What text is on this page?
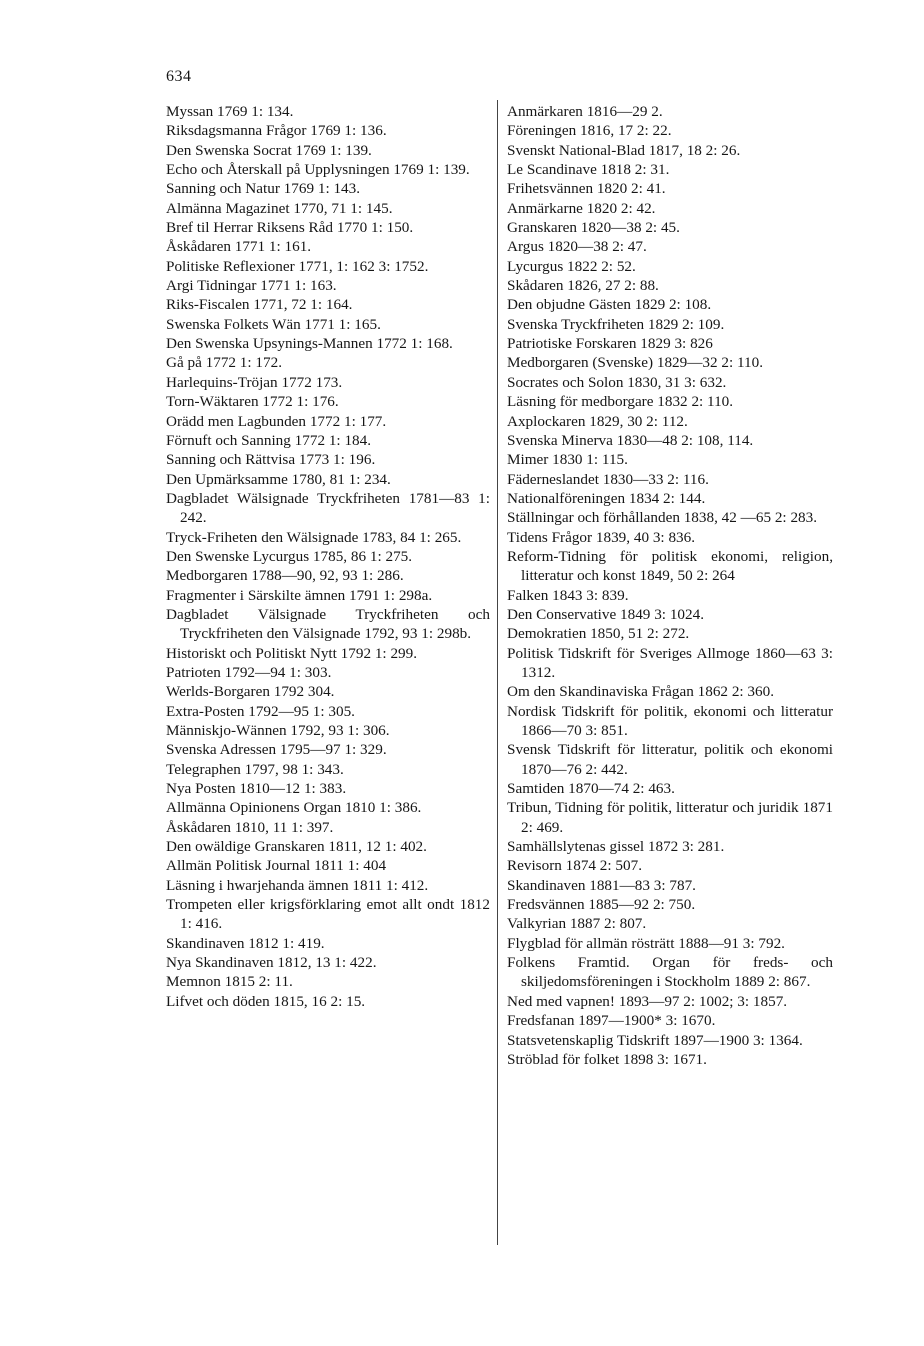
634

Myssan 1769 1: 134.

Riksdagsmanna Frågor 1769 1: 136.

Den Swenska Socrat 1769 1: 139.

Echo och Återskall på Upplysningen 1769 1: 139.

Sanning och Natur 1769 1: 143.

Almänna Magazinet 1770, 71 1: 145.

Bref til Herrar Riksens Råd 1770 1: 150.

Åskådaren 1771 1: 161.

Politiske Reflexioner 1771, 1: 162 3: 1752.

Argi Tidningar 1771 1: 163.

Riks-Fiscalen 1771, 72 1: 164.

Swenska Folkets Wän 1771 1: 165.

Den Swenska Upsynings-Mannen 1772 1: 168.

Gå på 1772 1: 172.

Harlequins-Tröjan 1772 173.

Torn-Wäktaren 1772 1: 176.

Orädd men Lagbunden 1772 1: 177.

Förnuft och Sanning 1772 1: 184.

Sanning och Rättvisa 1773 1: 196.

Den Upmärksamme 1780, 81 1: 234.

Dagbladet Wälsignade Tryckfriheten 1781—83 1: 242.

Tryck-Friheten den Wälsignade 1783, 84 1: 265.

Den Swenske Lycurgus 1785, 86 1: 275.

Medborgaren 1788—90, 92, 93 1: 286.

Fragmenter i Särskilte ämnen 1791 1: 298a.

Dagbladet Välsignade Tryckfriheten och Tryckfriheten den Välsignade 1792, 93 1: 298b.

Historiskt och Politiskt Nytt 1792 1: 299.

Patrioten 1792—94 1: 303.

Werlds-Borgaren 1792 304.

Extra-Posten 1792—95 1: 305.

Människjo-Wännen 1792, 93 1: 306.

Svenska Adressen 1795—97 1: 329.

Telegraphen 1797, 98 1: 343.

Nya Posten 1810—12 1: 383.

Allmänna Opinionens Organ 1810 1: 386.

Åskådaren 1810, 11 1: 397.

Den owäldige Granskaren 1811, 12 1: 402.

Allmän Politisk Journal 1811 1: 404

Läsning i hwarjehanda ämnen 1811 1: 412.

Trompeten eller krigsförklaring emot allt ondt 1812 1: 416.

Skandinaven 1812 1: 419.

Nya Skandinaven 1812, 13 1: 422.

Memnon 1815 2: 11.

Lifvet och döden 1815, 16 2: 15.

Anmärkaren 1816—29 2.

Föreningen 1816, 17 2: 22.

Svenskt National-Blad 1817, 18 2: 26.

Le Scandinave 1818 2: 31.

Frihetsvännen 1820 2: 41.

Anmärkarne 1820 2: 42.

Granskaren 1820—38 2: 45.

Argus 1820—38 2: 47.

Lycurgus 1822 2: 52.

Skådaren 1826, 27 2: 88.

Den objudne Gästen 1829 2: 108.

Svenska Tryckfriheten 1829 2: 109.

Patriotiske Forskaren 1829 3: 826

Medborgaren (Svenske) 1829—32 2: 110.

Socrates och Solon 1830, 31 3: 632.

Läsning för medborgare 1832 2: 110.

Axplockaren 1829, 30 2: 112.

Svenska Minerva 1830—48 2: 108, 114.

Mimer 1830 1: 115.

Fäderneslandet 1830—33 2: 116.

Nationalföreningen 1834 2: 144.

Ställningar och förhållanden 1838, 42 —65 2: 283.

Tidens Frågor 1839, 40 3: 836.

Reform-Tidning för politisk ekonomi, religion, litteratur och konst 1849, 50 2: 264

Falken 1843 3: 839.

Den Conservative 1849 3: 1024.

Demokratien 1850, 51 2: 272.

Politisk Tidskrift för Sveriges Allmoge 1860—63 3: 1312.

Om den Skandinaviska Frågan 1862 2: 360.

Nordisk Tidskrift för politik, ekonomi och litteratur 1866—70 3: 851.

Svensk Tidskrift för litteratur, politik och ekonomi 1870—76 2: 442.

Samtiden 1870—74 2: 463.

Tribun, Tidning för politik, litteratur och juridik 1871 2: 469.

Samhällslytenas gissel 1872 3: 281.

Revisorn 1874 2: 507.

Skandinaven 1881—83 3: 787.

Fredsvännen 1885—92 2: 750.

Valkyrian 1887 2: 807.

Flygblad för allmän rösträtt 1888—91 3: 792.

Folkens Framtid. Organ för freds- och skiljedomsföreningen i Stockholm 1889 2: 867.

Ned med vapnen! 1893—97 2: 1002; 3: 1857.

Fredsfanan 1897—1900* 3: 1670.

Statsvetenskaplig Tidskrift 1897—1900 3: 1364.

Ströblad för folket 1898 3: 1671.
